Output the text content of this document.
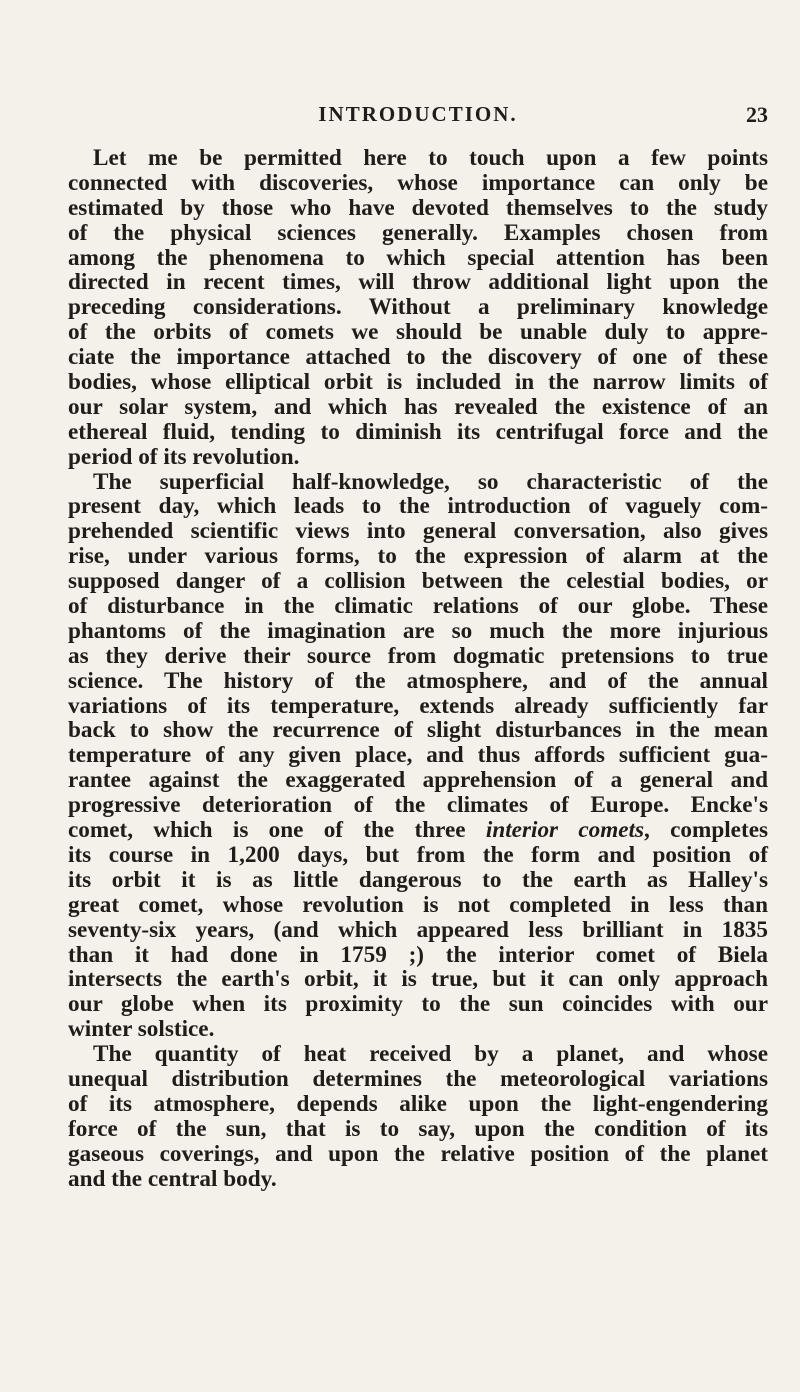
INTRODUCTION.	23
Let me be permitted here to touch upon a few points
connected with discoveries, whose importance can only be
estimated by those who have devoted themselves to the study
of the physical sciences generally. Examples chosen from
among the phenomena to which special attention has been
directed in recent times, will throw additional light upon the
preceding considerations. Without a preliminary knowledge
of the orbits of comets we should be unable duly to appre-
ciate the importance attached to the discovery of one of these
bodies, whose elliptical orbit is included in the narrow limits of
our solar system, and which has revealed the existence of an
ethereal fluid, tending to diminish its centrifugal force and the
period of its revolution.
The superficial half-knowledge, so characteristic of the
present day, which leads to the introduction of vaguely com-
prehended scientific views into general conversation, also gives
rise, under various forms, to the expression of alarm at the
supposed danger of a collision between the celestial bodies, or
of disturbance in the climatic relations of our globe. These
phantoms of the imagination are so much the more injurious
as they derive their source from dogmatic pretensions to true
science. The history of the atmosphere, and of the annual
variations of its temperature, extends already sufficiently far
back to show the recurrence of slight disturbances in the mean
temperature of any given place, and thus affords sufficient gua-
rantee against the exaggerated apprehension of a general and
progressive deterioration of the climates of Europe. Encke's
comet, which is one of the three interior comets, completes
its course in 1,200 days, but from the form and position of
its orbit it is as little dangerous to the earth as Halley's
great comet, whose revolution is not completed in less than
seventy-six years, (and which appeared less brilliant in 1835
than it had done in 1759 ;) the interior comet of Biela
intersects the earth's orbit, it is true, but it can only approach
our globe when its proximity to the sun coincides with our
winter solstice.
The quantity of heat received by a planet, and whose
unequal distribution determines the meteorological variations
of its atmosphere, depends alike upon the light-engendering
force of the sun, that is to say, upon the condition of its
gaseous coverings, and upon the relative position of the planet
and the central body.
